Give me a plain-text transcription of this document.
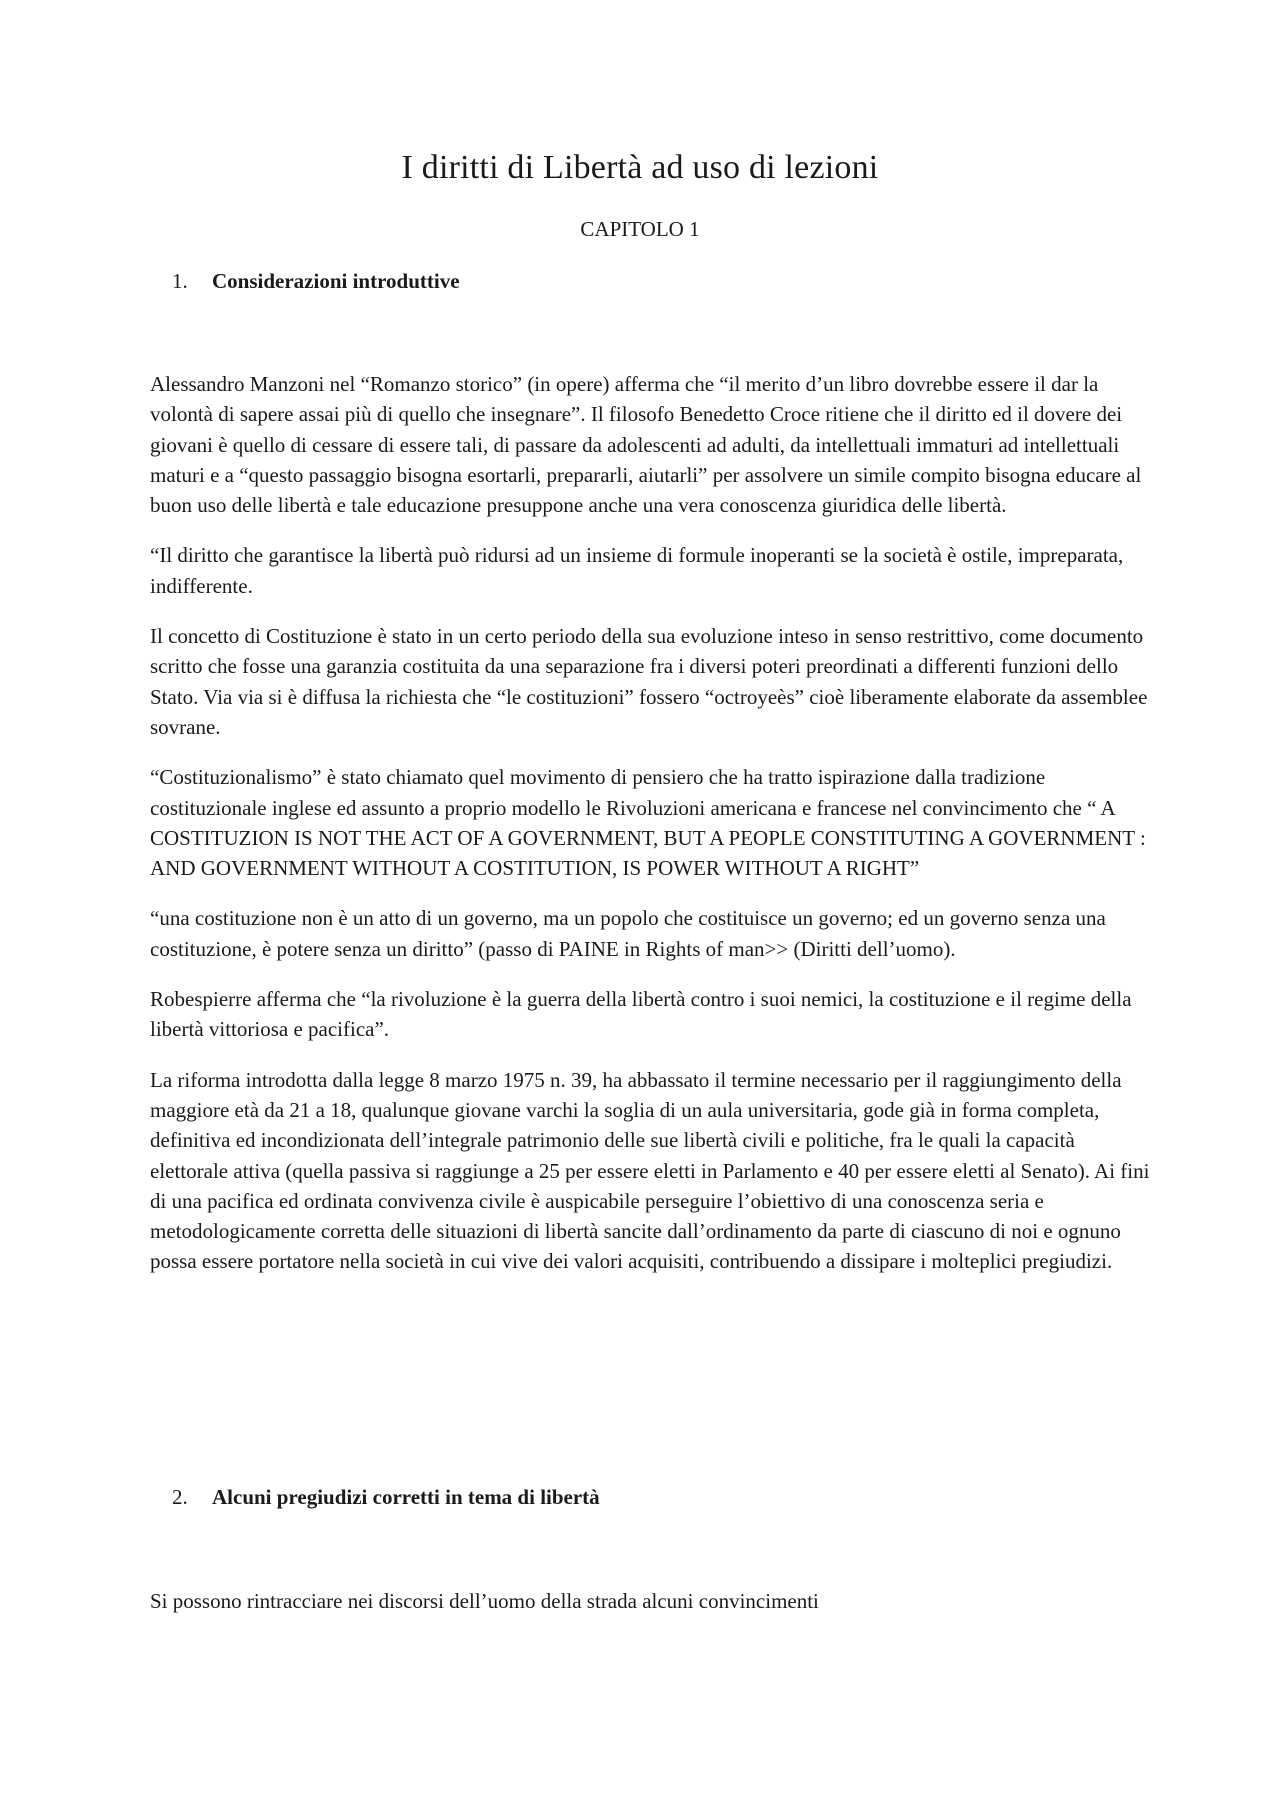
I diritti di Libertà ad uso di lezioni
CAPITOLO 1
1. Considerazioni introduttive

Alessandro Manzoni nel “Romanzo storico” (in opere) afferma che “il merito d’un libro dovrebbe essere il dar la volontà di sapere assai più di quello che insegnare”. Il filosofo Benedetto Croce ritiene che il diritto ed il dovere dei giovani è quello di cessare di essere tali, di passare da adolescenti ad adulti, da intellettuali immaturi ad intellettuali maturi e a “questo passaggio bisogna esortarli, prepararli, aiutarli” per assolvere un simile compito bisogna educare al buon uso delle libertà e tale educazione presuppone anche una vera conoscenza giuridica delle libertà.

“Il diritto che garantisce la libertà può ridursi ad un insieme di formule inoperanti se la società è ostile, impreparata, indifferente.

Il concetto di Costituzione è stato in un certo periodo della sua evoluzione inteso in senso restrittivo, come documento scritto che fosse una garanzia costituita da una separazione fra i diversi poteri preordinati a differenti funzioni dello Stato. Via via si è diffusa la richiesta che “le costituzioni” fossero “octroyeès” cioè liberamente elaborate da assemblee sovrane.

“Costituzionalismo” è stato chiamato quel movimento di pensiero che ha tratto ispirazione dalla tradizione costituzionale inglese ed assunto a proprio modello le Rivoluzioni americana e francese nel convincimento che “ A COSTITUZION IS NOT THE ACT OF A GOVERNMENT, BUT A PEOPLE CONSTITUTING A GOVERNMENT : AND GOVERNMENT WITHOUT A COSTITUTION, IS POWER WITHOUT A RIGHT”

“una costituzione non è un atto di un governo, ma un popolo che costituisce un governo; ed un governo senza una costituzione, è potere senza un diritto” (passo di PAINE in Rights of man>> (Diritti dell’uomo).

Robespierre afferma che “la rivoluzione è la guerra della libertà contro i suoi nemici, la costituzione e il regime della libertà vittoriosa e pacifica”.

La riforma introdotta dalla legge 8 marzo 1975 n. 39, ha abbassato il termine necessario per il raggiungimento della maggiore età da 21 a 18, qualunque giovane varchi la soglia di un aula universitaria, gode già in forma completa, definitiva ed incondizionata dell’integrale patrimonio delle sue libertà civili e politiche, fra le quali la capacità elettorale attiva (quella passiva si raggiunge a 25 per essere eletti in Parlamento e 40 per essere eletti al Senato). Ai fini di una pacifica ed ordinata convivenza civile è auspicabile perseguire l’obiettivo di una conoscenza seria e metodologicamente corretta delle situazioni di libertà sancite dall’ordinamento da parte di ciascuno di noi e ognuno possa essere portatore nella società in cui vive dei valori acquisiti, contribuendo a dissipare i molteplici pregiudizi.

2. Alcuni pregiudizi corretti in tema di libertà

Si possono rintracciare nei discorsi dell’uomo della strada alcuni convincimenti
